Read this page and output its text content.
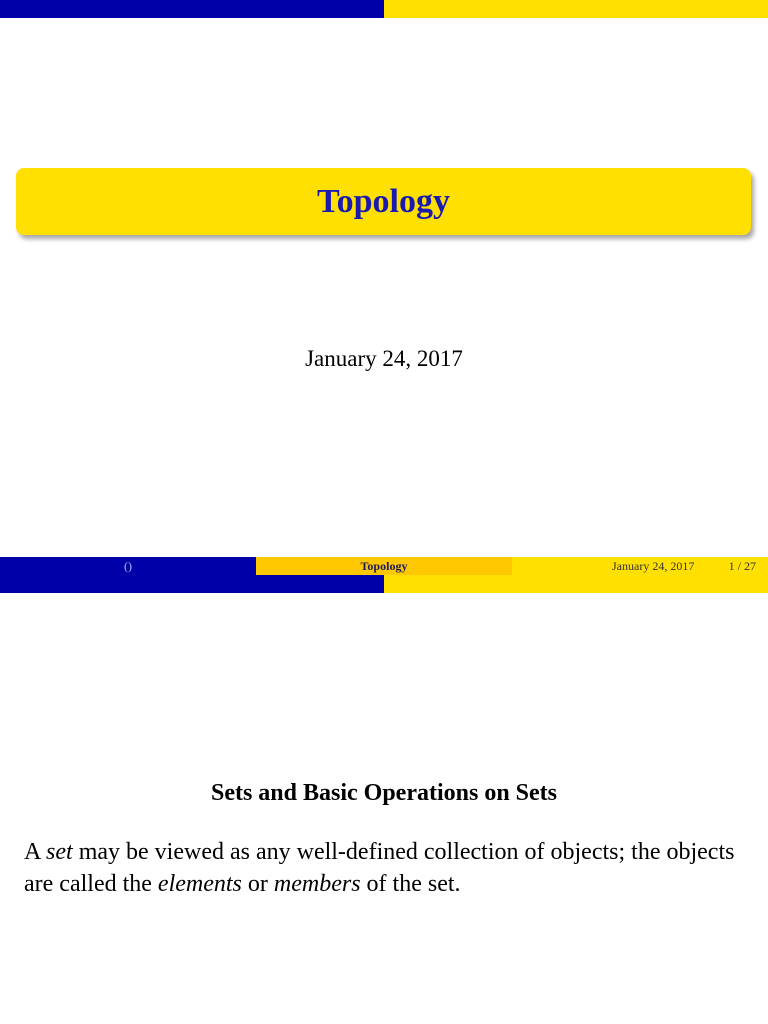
Topology
January 24, 2017
()	Topology	January 24, 2017	1 / 27
Sets and Basic Operations on Sets

A set may be viewed as any well-defined collection of objects; the objects are called the elements or members of the set.
